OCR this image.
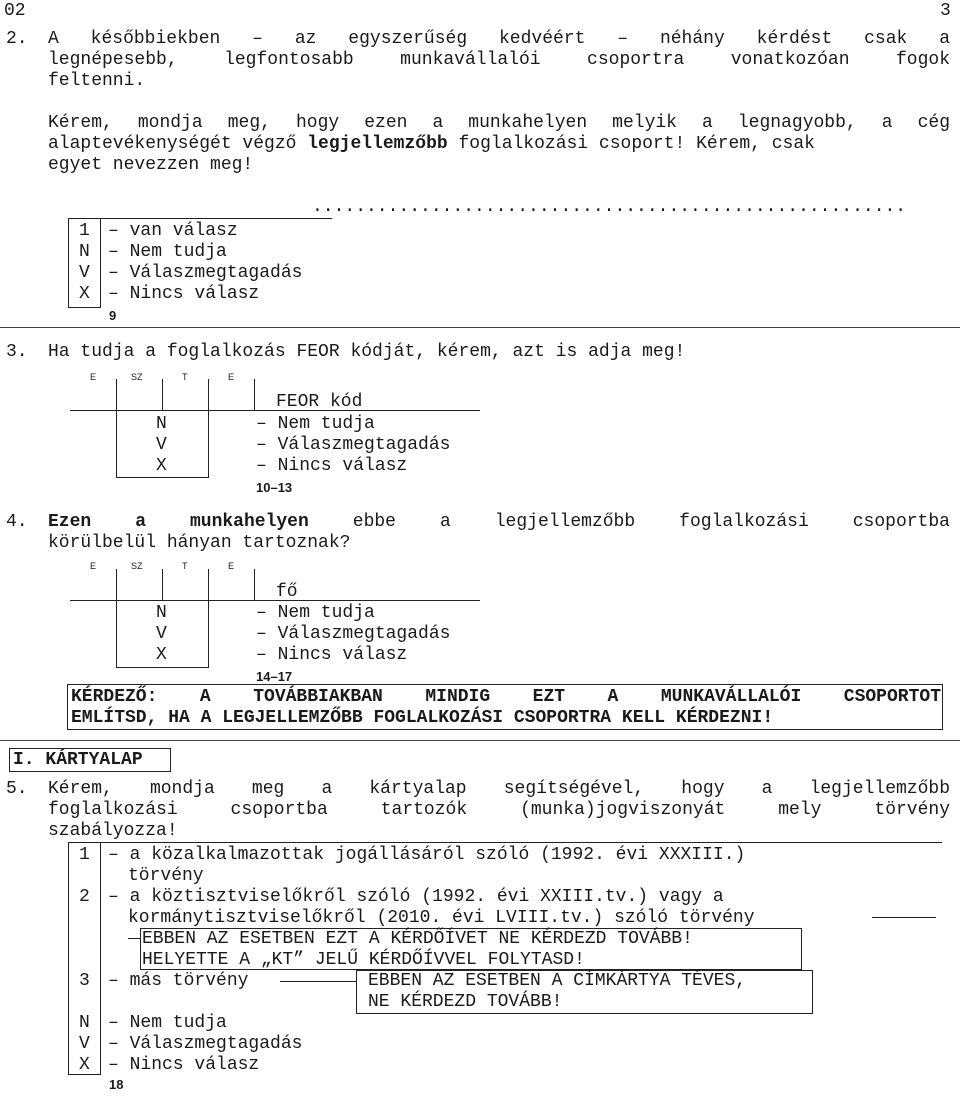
02	3
2. A későbbiekben – az egyszerűség kedvéért – néhány kérdést csak a
legnépesebb, legfontosabb munkavállalói csoportra vonatkozóan fogok
feltenni.
Kérem, mondja meg, hogy ezen a munkahelyen melyik a legnagyobb, a cég
alaptevékenységét végző legjellemzőbb foglalkozási csoport! Kérem, csak
egyet nevezzen meg!
.......................................................
1 – van válasz
N – Nem tudja
V – Válaszmegtagadás
X – Nincs válasz
9
3. Ha tudja a foglalkozás FEOR kódját, kérem, azt is adja meg!
E	SZ	T	E
FEOR kód
N	– Nem tudja
V	– Válaszmegtagadás
X	– Nincs válasz
10–13
4. Ezen a munkahelyen ebbe a legjellemzőbb foglalkozási csoportba
körülbelül hányan tartoznak?
E	SZ	T	E
fő
N	– Nem tudja
V	– Válaszmegtagadás
X	– Nincs válasz
14–17
KÉRDEZŐ: A TOVÁBBIAKBAN MINDIG EZT A MUNKAVÁLLALÓI CSOPORTOT
EMLÍTSD, HA A LEGJELLEMZŐBB FOGLALKOZÁSI CSOPORTRA KELL KÉRDEZNI!
I. KÁRTYALAP
5. Kérem, mondja meg a kártyalap segítségével, hogy a legjellemzőbb
foglalkozási csoportba tartozók (munka)jogviszonyát mely törvény
szabályozza!
1 – a közalkalmazottak jogállásáról szóló (1992. évi XXXIII.)
törvény
2 – a köztisztviselőkről szóló (1992. évi XXIII.tv.) vagy a
kormánytisztviselőkről (2010. évi LVIII.tv.) szóló törvény
EBBEN AZ ESETBEN EZT A KÉRDŐÍVET NE KÉRDEZD TOVÁBB!
HELYETTE A „KT” JELŰ KÉRDŐÍVVEL FOLYTASD!
3 – más törvény	EBBEN AZ ESETBEN A CÍMKÁRTYA TÉVES,
NE KÉRDEZD TOVÁBB!
N – Nem tudja
V – Válaszmegtagadás
X – Nincs válasz
18
